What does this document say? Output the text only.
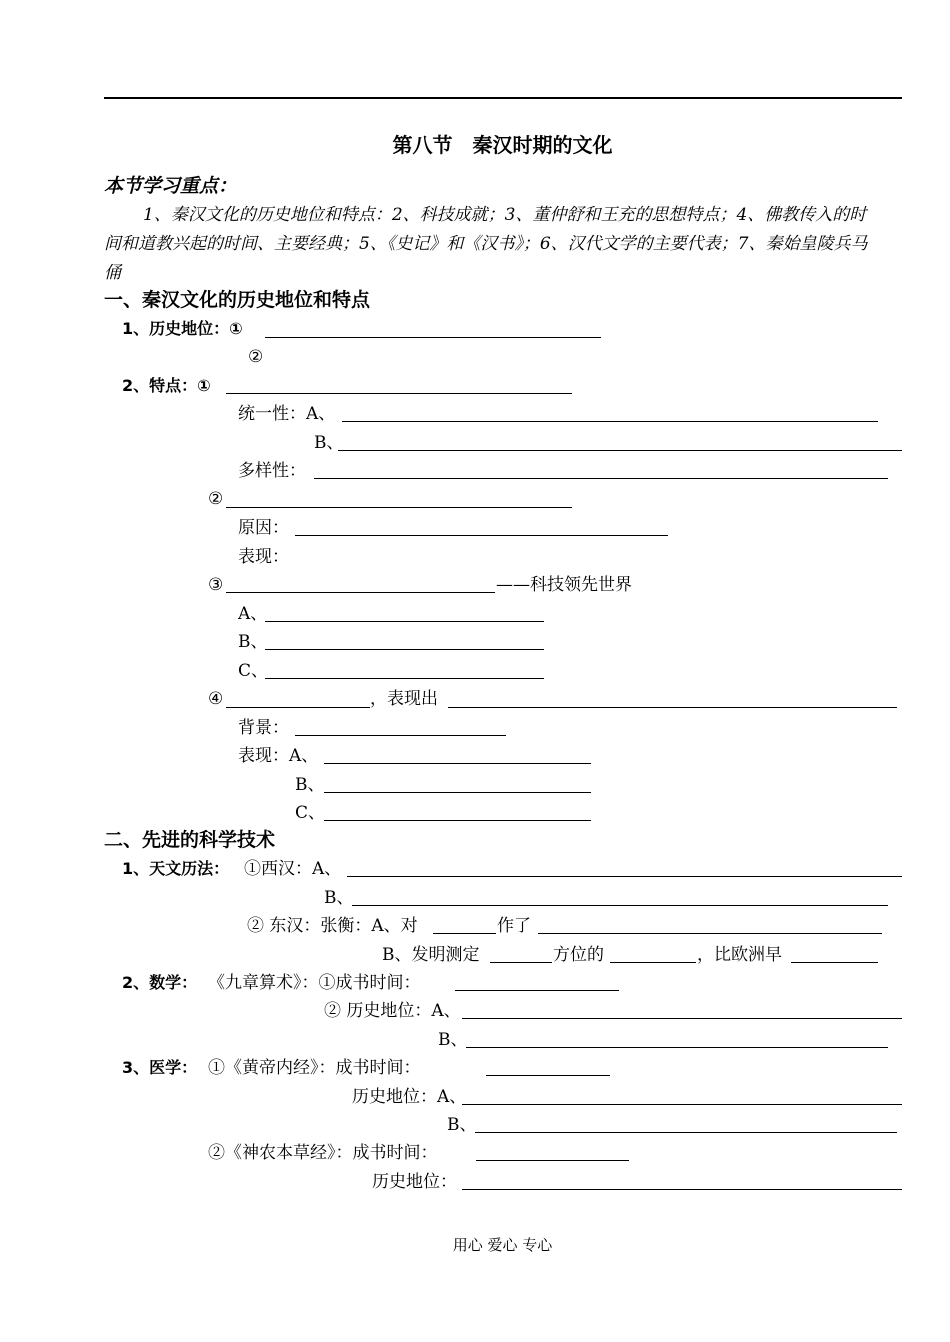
第八节　秦汉时期的文化
本节学习重点：
1、秦汉文化的历史地位和特点：2、科技成就；3、董仲舒和王充的思想特点；4、佛教传入的时
间和道教兴起的时间、主要经典；5、《史记》和《汉书》；6、汉代文学的主要代表；7、秦始皇陵兵马
俑
一、秦汉文化的历史地位和特点
1、历史地位：①
②
2、特点：①
统一性：A、
B、
多样性：
②
原因：
表现：
③	——科技领先世界
A、
B、
C、
④	，表现出
背景：
表现：A、
B、
C、
二、先进的科学技术
1、天文历法： ①西汉：A、
B、
② 东汉：张衡：A、对	作了
B、发明测定	方位的	，比欧洲早
2、数学： 《九章算术》：①成书时间：
② 历史地位：A、
B、
3、医学： ①《黄帝内经》：成书时间：
历史地位：A、
B、
②《神农本草经》：成书时间：
历史地位：
用心 爱心 专心
